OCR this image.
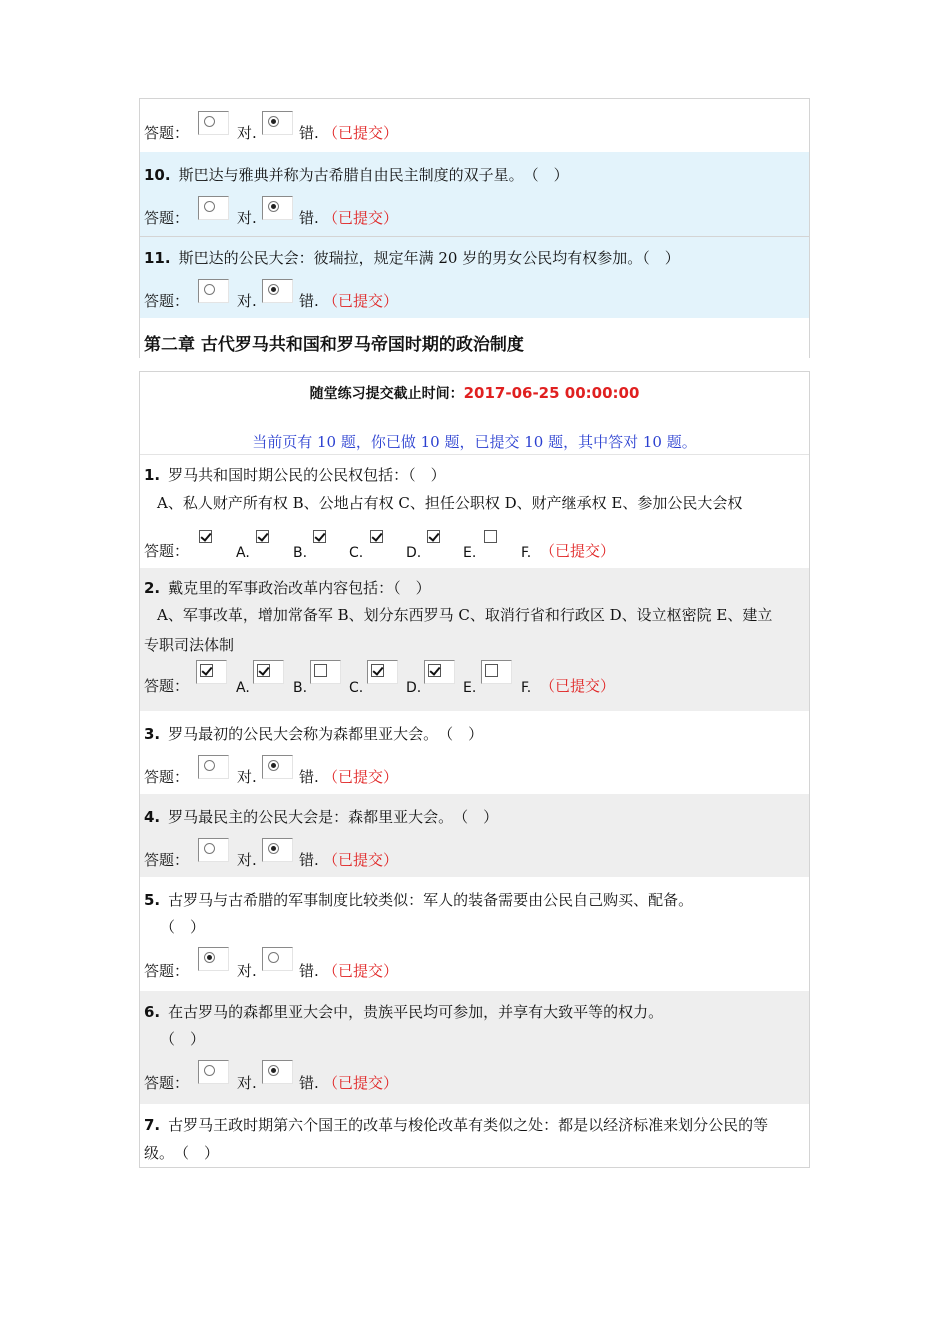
答题：	对.	错. （已提交）
10. 斯巴达与雅典并称为古希腊自由民主制度的双子星。　（　）
答题：	对.	错. （已提交）
11. 斯巴达的公民大会：彼瑞拉，规定年满 20 岁的男女公民均有权参加。（　）
答题：	对.	错. （已提交）
第二章 古代罗马共和国和罗马帝国时期的政治制度
随堂练习提交截止时间：2017-06-25 00:00:00
当前页有 10 题，你已做 10 题，已提交 10 题，其中答对 10 题。
1. 罗马共和国时期公民的公民权包括：（　）
A、私人财产所有权 B、公地占有权 C、担任公职权 D、财产继承权 E、参加公民大会权
答题：	A.	B.	C.	D.	E.	F. （已提交）
2. 戴克里的军事政治改革内容包括：（　）
A、军事改革，增加常备军 B、划分东西罗马 C、取消行省和行政区 D、设立枢密院 E、建立
专职司法体制
答题：	A.	B.	C.	D.	E.	F. （已提交）
3. 罗马最初的公民大会称为森都里亚大会。　（　）
答题：	对.	错. （已提交）
4. 罗马最民主的公民大会是：森都里亚大会。　（　）
答题：	对.	错. （已提交）
5. 古罗马与古希腊的军事制度比较类似：军人的装备需要由公民自己购买、配备。
（　）
答题：	对.	错. （已提交）
6. 在古罗马的森都里亚大会中，贵族平民均可参加，并享有大致平等的权力。
（　）
答题：	对.	错. （已提交）
7. 古罗马王政时期第六个国王的改革与梭伦改革有类似之处：都是以经济标准来划分公民的等
级。　（　）
